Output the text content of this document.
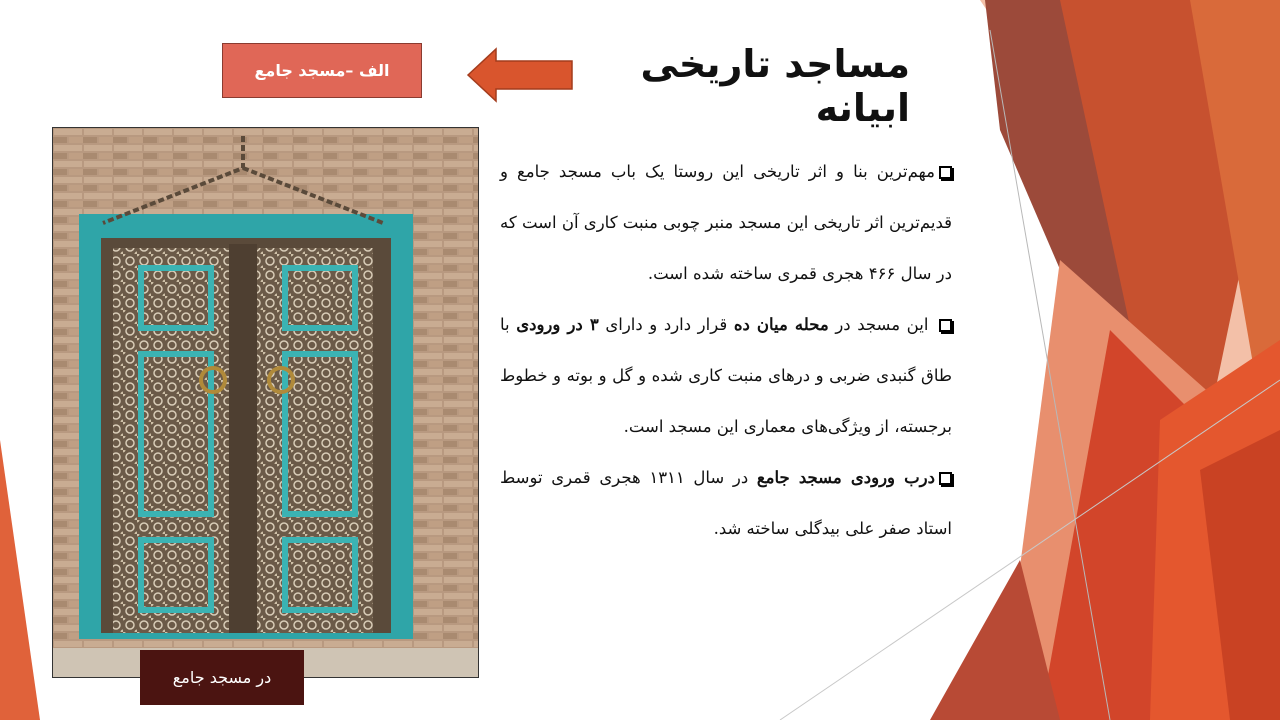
مساجد تاریخی ابیانه
الف –مسجد جامع
در مسجد جامع
مهم‌ترین بنا و اثر تاریخی این روستا یک باب مسجد جامع و قدیم‌ترین اثر تاریخی این مسجد منبر چوبی منبت کاری آن است که در سال ۴۶۶ هجری قمری ساخته شده است.
این مسجد در محله میان ده قرار دارد و دارای ۳ در ورودی با طاق گنبدی ضربی و درهای منبت کاری شده و گل و بوته و خطوط برجسته، از ویژگی‌های معماری این مسجد است.
درب ورودی مسجد جامع در سال ۱۳۱۱ هجری قمری توسط استاد صفر علی بیدگلی ساخته شد.
